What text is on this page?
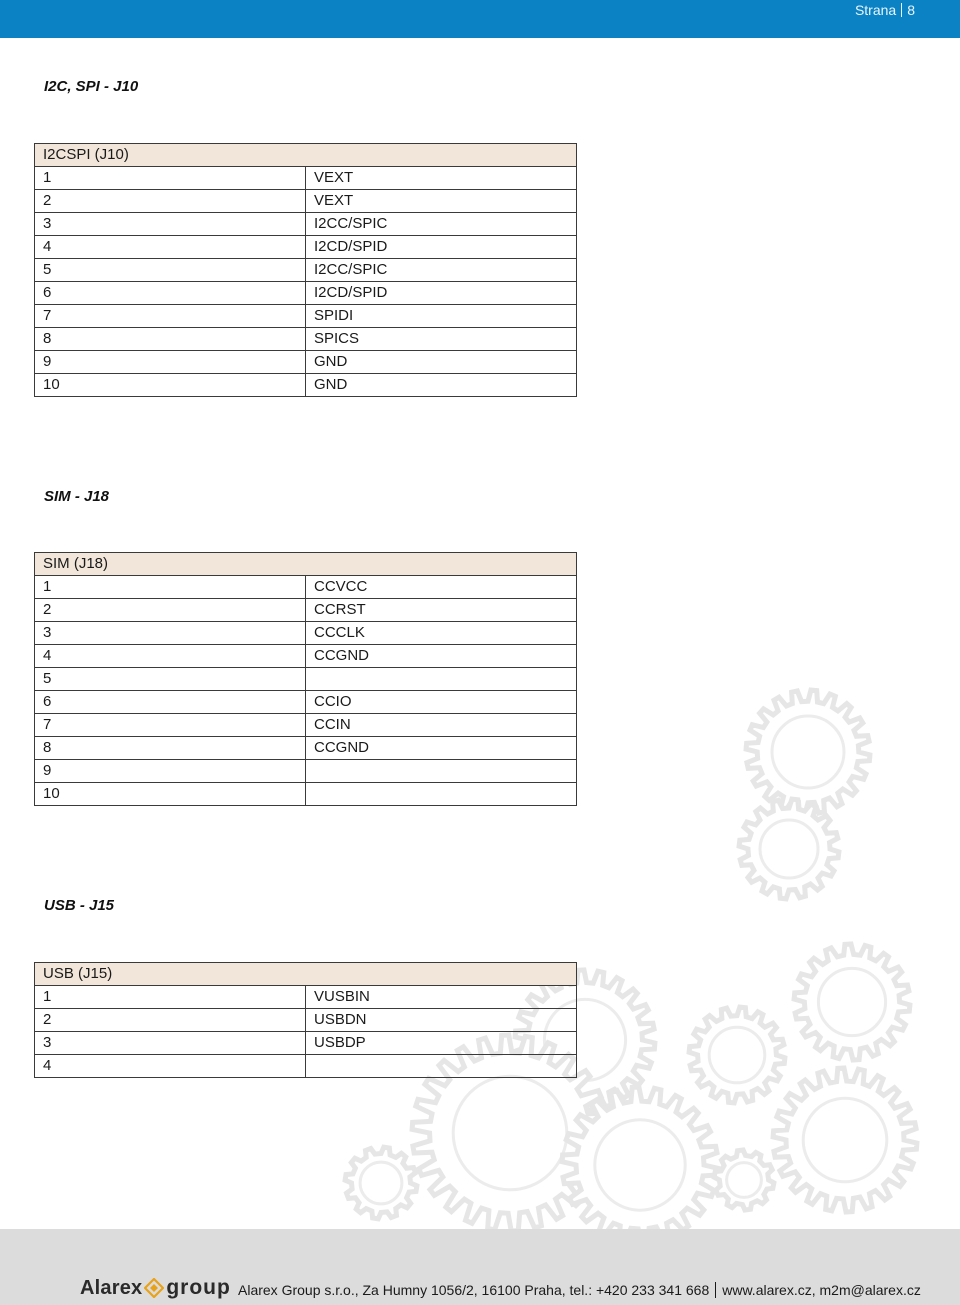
Strana 8
I2C, SPI - J10
I2CSPI (J10)	
1	VEXT
2	VEXT
3	I2CC/SPIC
4	I2CD/SPID
5	I2CC/SPIC
6	I2CD/SPID
7	SPIDI
8	SPICS
9	GND
10	GND
SIM - J18
SIM (J18)	
1	CCVCC
2	CCRST
3	CCCLK
4	CCGND
5	
6	CCIO
7	CCIN
8	CCGND
9	
10	
USB - J15
USB (J15)	
1	VUSBIN
2	USBDN
3	USBDP
4	
Alarex group Alarex Group s.r.o., Za Humny 1056/2, 16100 Praha, tel.: +420 233 341 668 www.alarex.cz, m2m@alarex.cz
